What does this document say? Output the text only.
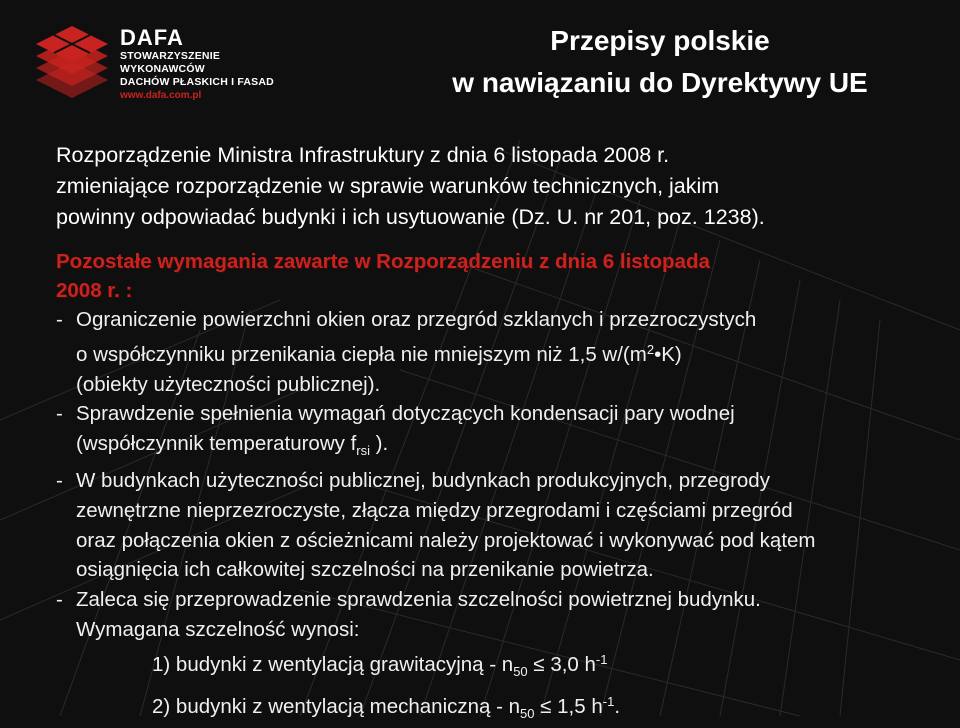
DAFA
STOWARZYSZENIE WYKONAWCÓW
DACHÓW PŁASKICH I FASAD
www.dafa.com.pl
Przepisy polskie
w nawiązaniu do Dyrektywy UE
Rozporządzenie Ministra Infrastruktury z dnia 6 listopada 2008 r.
zmieniające rozporządzenie w sprawie warunków technicznych, jakim
powinny odpowiadać budynki i ich usytuowanie (Dz. U. nr 201, poz. 1238).
Pozostałe wymagania zawarte w Rozporządzeniu z dnia 6 listopada
2008 r. :
- Ograniczenie powierzchni okien oraz przegród szklanych i przezroczystych
o współczynniku przenikania ciepła nie mniejszym niż 1,5 $w/(m^2•K)$
(obiekty użyteczności publicznej).
- Sprawdzenie spełnienia wymagań dotyczących kondensacji pary wodnej
(współczynnik temperaturowy $f_{rsi}$ ).
- W budynkach użyteczności publicznej, budynkach produkcyjnych, przegrody
zewnętrzne nieprzezroczyste, złącza między przegrodami i częściami przegród
oraz połączenia okien z ościeżnicami należy projektować i wykonywać pod kątem
osiągnięcia ich całkowitej szczelności na przenikanie powietrza.
- Zaleca się przeprowadzenie sprawdzenia szczelności powietrznej budynku.
Wymagana szczelność wynosi:
1) budynki z wentylacją grawitacyjną - $n_{50} \le 3,0$ $h^{-1}$
2) budynki z wentylacją mechaniczną - $n_{50} \le 1,5$ $h^{-1}$.
